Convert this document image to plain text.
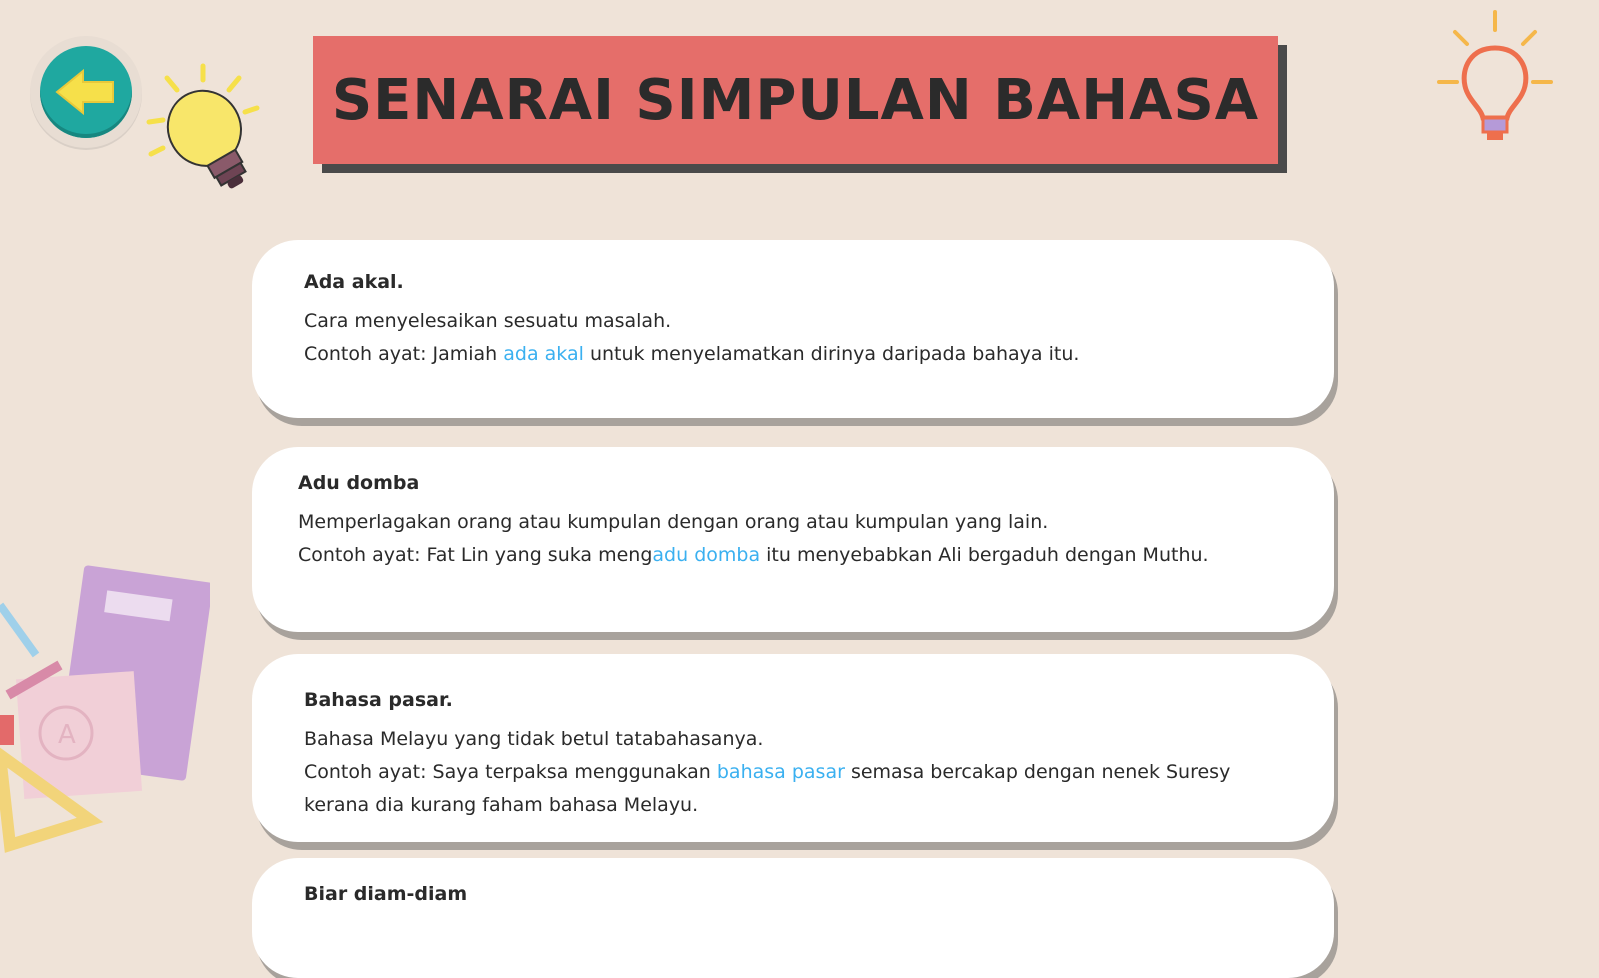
A
SENARAI SIMPULAN BAHASA
Ada akal.
Cara menyelesaikan sesuatu masalah.
Contoh ayat: Jamiah ada akal untuk menyelamatkan dirinya daripada bahaya itu.
Adu domba
Memperlagakan orang atau kumpulan dengan orang atau kumpulan yang lain.
Contoh ayat: Fat Lin yang suka mengadu domba itu menyebabkan Ali bergaduh dengan Muthu.
Bahasa pasar.
Bahasa Melayu yang tidak betul tatabahasanya.
Contoh ayat: Saya terpaksa menggunakan bahasa pasar semasa bercakap dengan nenek Suresy kerana dia kurang faham bahasa Melayu.
Biar diam-diam
